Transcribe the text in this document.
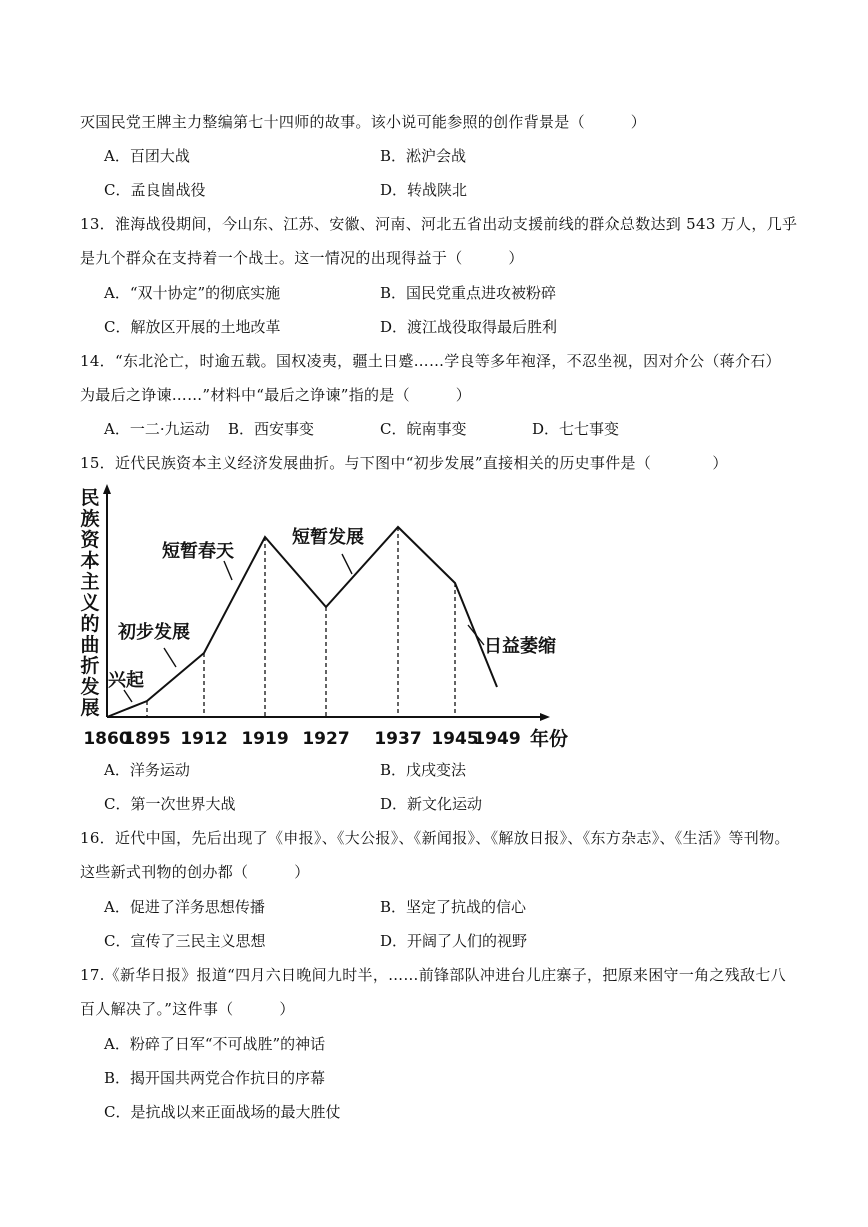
灭国民党王牌主力整编第七十四师的故事。该小说可能参照的创作背景是（　　　）
A．百团大战	B．淞沪会战
C．孟良崮战役	D．转战陕北
13．淮海战役期间，今山东、江苏、安徽、河南、河北五省出动支援前线的群众总数达到 543 万人，几乎
是九个群众在支持着一个战士。这一情况的出现得益于（　　　）
A．“双十协定”的彻底实施	B．国民党重点进攻被粉碎
C．解放区开展的土地改革	D．渡江战役取得最后胜利
14．“东北沦亡，时逾五载。国权凌夷，疆土日蹙……学良等多年袍泽，不忍坐视，因对介公（蒋介石）
为最后之诤谏……”材料中“最后之诤谏”指的是（　　　）
A．一二·九运动 B．西安事变	C．皖南事变	D．七七事变
15．近代民族资本主义经济发展曲折。与下图中“初步发展”直接相关的历史事件是（　　　　）
民
族
资
本
主
义
的
曲
折
发
展
1860
1895 1912 1919 1927 1937 1945
1949 年份
兴起
初步发展
短暂春天
短暂发展
日益萎缩
A．洋务运动	B．戊戌变法
C．第一次世界大战	D．新文化运动
16．近代中国，先后出现了《申报》、《大公报》、《新闻报》、《解放日报》、《东方杂志》、《生活》等刊物。
这些新式刊物的创办都（　　　）
A．促进了洋务思想传播	B．坚定了抗战的信心
C．宣传了三民主义思想	D．开阔了人们的视野
17.《新华日报》报道“四月六日晚间九时半，……前锋部队冲进台儿庄寨子，把原来困守一角之残敌七八
百人解决了。”这件事（　　　）
A．粉碎了日军“不可战胜”的神话
B．揭开国共两党合作抗日的序幕
C．是抗战以来正面战场的最大胜仗
